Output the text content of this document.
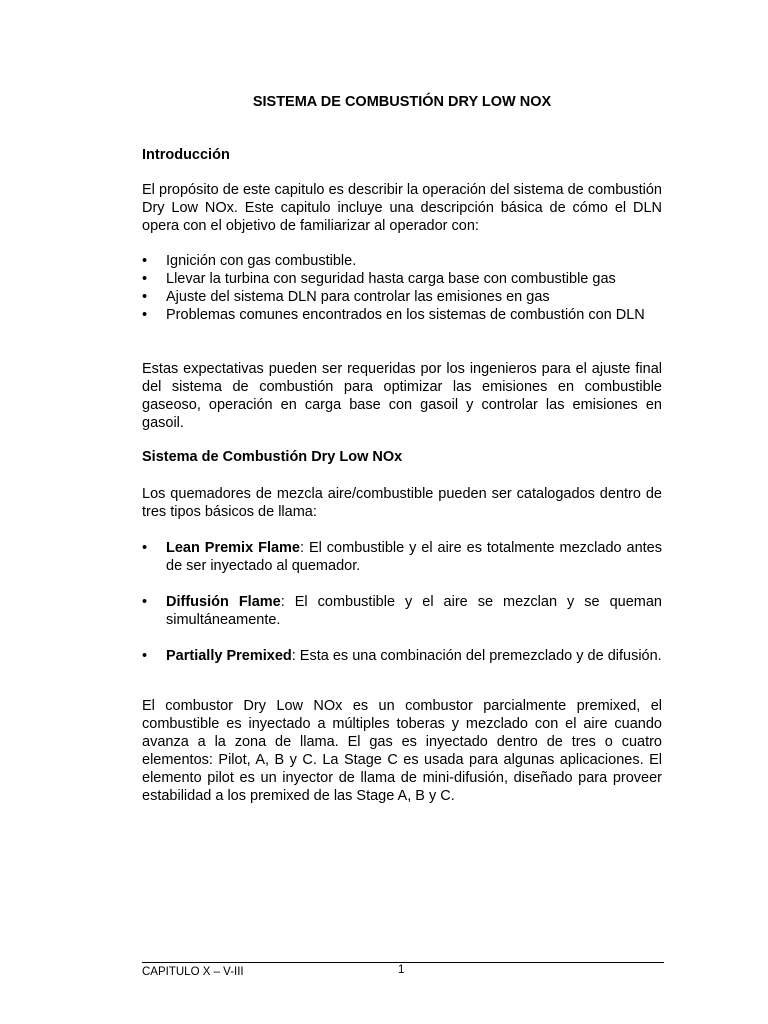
SISTEMA DE COMBUSTIÓN DRY LOW NOX
Introducción

El propósito de este capitulo es describir la operación del sistema de combustión Dry Low NOx. Este capitulo incluye una descripción básica de cómo el DLN opera con el objetivo de familiarizar al operador con:

•	Ignición con gas combustible.
•	Llevar la turbina con seguridad hasta carga base con combustible gas
•	Ajuste del sistema DLN para controlar las emisiones en gas
•	Problemas comunes encontrados en los sistemas de combustión con DLN

Estas expectativas pueden ser requeridas por los ingenieros para el ajuste final del sistema de combustión para optimizar las emisiones en combustible gaseoso, operación en carga base con gasoil y controlar las emisiones en gasoil.

Sistema de Combustión Dry Low NOx

Los quemadores de mezcla aire/combustible pueden ser catalogados dentro de tres tipos básicos de llama:

•	Lean Premix Flame: El combustible y el aire es totalmente mezclado antes de ser inyectado al quemador.
•	Diffusión Flame: El combustible y el aire se mezclan y se queman simultáneamente.
•	Partially Premixed: Esta es una combinación del premezclado y de difusión.

El combustor Dry Low NOx es un combustor parcialmente premixed, el combustible es inyectado a múltiples toberas y mezclado con el aire cuando avanza a la zona de llama. El gas es inyectado dentro de tres o cuatro elementos: Pilot, A, B y C. La Stage C es usada para algunas aplicaciones. El elemento pilot es un inyector de llama de mini-difusión, diseñado para proveer estabilidad a los premixed de las Stage A, B y C.

CAPITULO X – V-III	1
